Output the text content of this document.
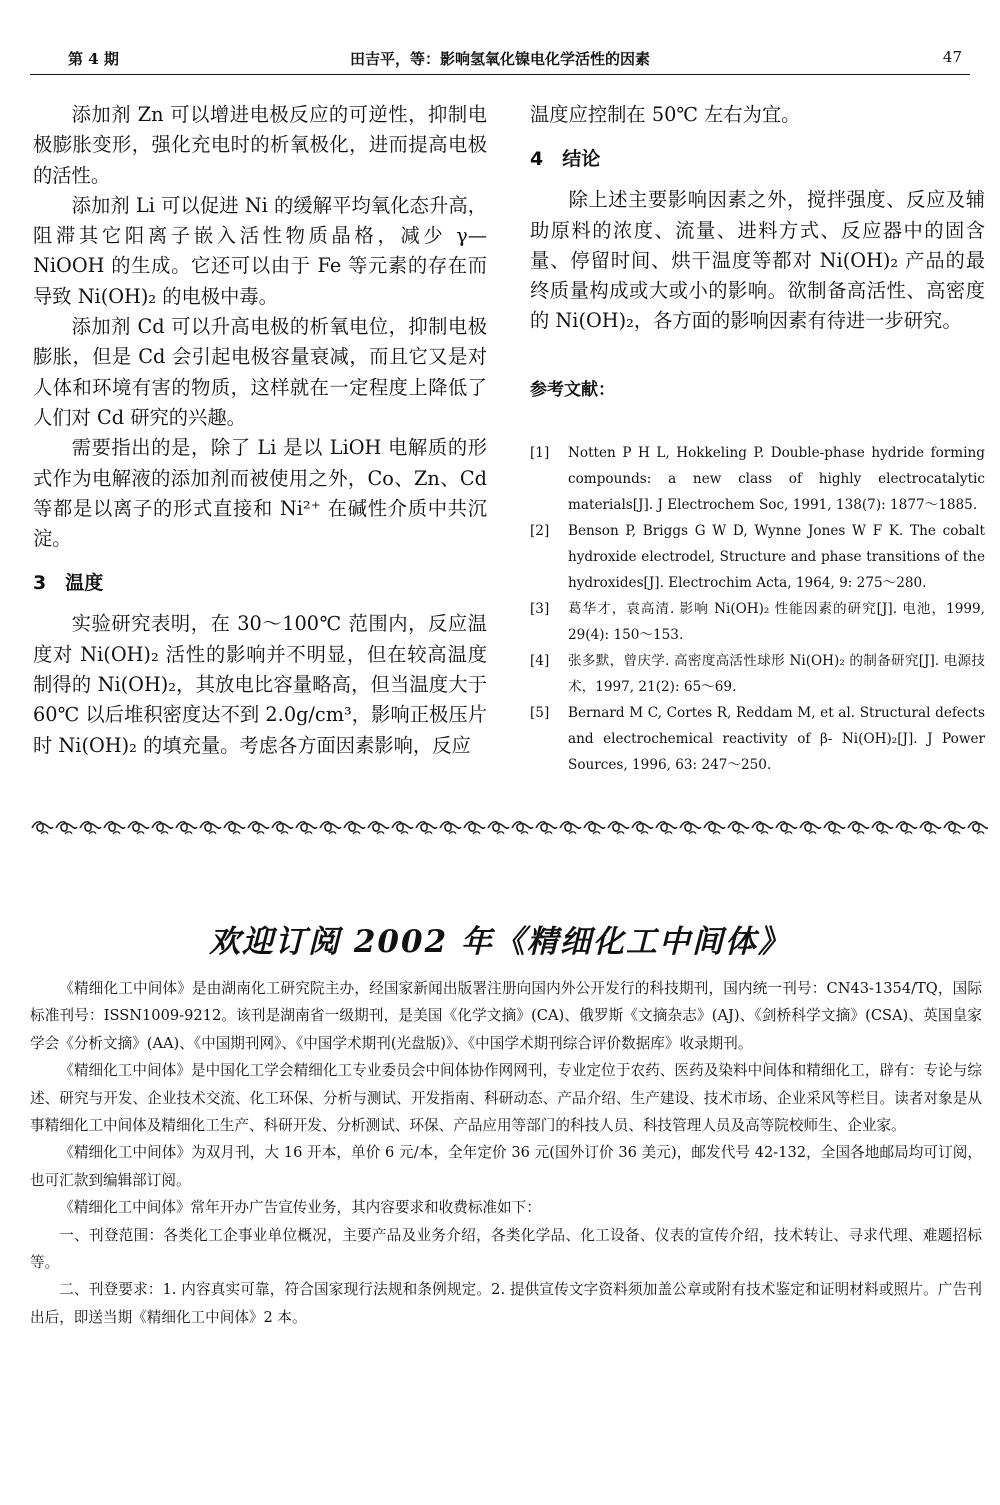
第 4 期	田吉平，等：影响氢氧化镍电化学活性的因素	47

添加剂 Zn 可以增进电极反应的可逆性，抑制电极膨胀变形，强化充电时的析氧极化，进而提高电极的活性。

添加剂 Li 可以促进 Ni 的缓解平均氧化态升高，阻滞其它阳离子嵌入活性物质晶格，减少 γ—NiOOH 的生成。它还可以由于 Fe 等元素的存在而导致 Ni(OH)₂ 的电极中毒。

添加剂 Cd 可以升高电极的析氧电位，抑制电极膨胀，但是 Cd 会引起电极容量衰减，而且它又是对人体和环境有害的物质，这样就在一定程度上降低了人们对 Cd 研究的兴趣。

需要指出的是，除了 Li 是以 LiOH 电解质的形式作为电解液的添加剂而被使用之外，Co、Zn、Cd 等都是以离子的形式直接和 Ni²⁺ 在碱性介质中共沉淀。

3　温度

实验研究表明，在 30～100℃ 范围内，反应温度对 Ni(OH)₂ 活性的影响并不明显，但在较高温度制得的 Ni(OH)₂，其放电比容量略高，但当温度大于 60℃ 以后堆积密度达不到 2.0g/cm³，影响正极压片时 Ni(OH)₂ 的填充量。考虑各方面因素影响，反应

温度应控制在 50℃ 左右为宜。

4　结论

除上述主要影响因素之外，搅拌强度、反应及辅助原料的浓度、流量、进料方式、反应器中的固含量、停留时间、烘干温度等都对 Ni(OH)₂ 产品的最终质量构成或大或小的影响。欲制备高活性、高密度的 Ni(OH)₂，各方面的影响因素有待进一步研究。

参考文献：

[1] Notten P H L, Hokkeling P. Double-phase hydride forming compounds: a new class of highly electrocatalytic materials[J]. J Electrochem Soc, 1991, 138(7): 1877～1885.

[2] Benson P, Briggs G W D, Wynne Jones W F K. The cobalt hydroxide electrodel, Structure and phase transitions of the hydroxides[J]. Electrochim Acta, 1964, 9: 275～280.

[3] 葛华才，袁高清. 影响 Ni(OH)₂ 性能因素的研究[J]. 电池，1999, 29(4): 150～153.

[4] 张多默，曾庆学. 高密度高活性球形 Ni(OH)₂ 的制备研究[J]. 电源技术，1997, 21(2): 65～69.

[5] Bernard M C, Cortes R, Reddam M, et al. Structural defects and electrochemical reactivity of β- Ni(OH)₂[J]. J Power Sources, 1996, 63: 247～250.

欢迎订阅 2002 年《精细化工中间体》

《精细化工中间体》是由湖南化工研究院主办，经国家新闻出版署注册向国内外公开发行的科技期刊，国内统一刊号：CN43-1354/TQ，国际标准刊号：ISSN1009-9212。该刊是湖南省一级期刊，是美国《化学文摘》(CA)、俄罗斯《文摘杂志》(AJ)、《剑桥科学文摘》(CSA)、英国皇家学会《分析文摘》(AA)、《中国期刊网》、《中国学术期刊(光盘版)》、《中国学术期刊综合评价数据库》收录期刊。

《精细化工中间体》是中国化工学会精细化工专业委员会中间体协作网网刊，专业定位于农药、医药及染料中间体和精细化工，辟有：专论与综述、研究与开发、企业技术交流、化工环保、分析与测试、开发指南、科研动态、产品介绍、生产建设、技术市场、企业采风等栏目。读者对象是从事精细化工中间体及精细化工生产、科研开发、分析测试、环保、产品应用等部门的科技人员、科技管理人员及高等院校师生、企业家。

《精细化工中间体》为双月刊，大 16 开本，单价 6 元/本，全年定价 36 元(国外订价 36 美元)，邮发代号 42-132，全国各地邮局均可订阅，也可汇款到编辑部订阅。

《精细化工中间体》常年开办广告宣传业务，其内容要求和收费标准如下：

一、刊登范围：各类化工企事业单位概况，主要产品及业务介绍，各类化学品、化工设备、仪表的宣传介绍，技术转让、寻求代理、难题招标等。

二、刊登要求：1. 内容真实可靠，符合国家现行法规和条例规定。2. 提供宣传文字资料须加盖公章或附有技术鉴定和证明材料或照片。广告刊出后，即送当期《精细化工中间体》2 本。
